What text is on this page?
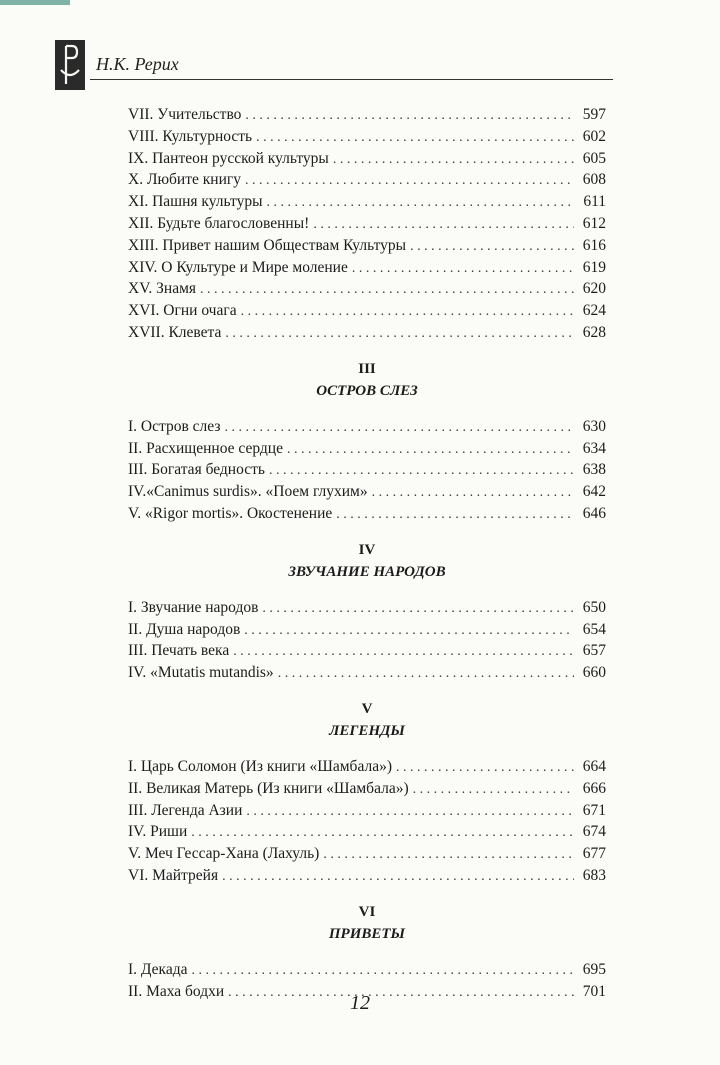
Н.К. Рерих
VII. Учительство . . .	597
VIII. Культурность . . .	602
IX. Пантеон русской культуры . . .	605
X. Любите книгу . . .	608
XI. Пашня культуры . . .	611
XII. Будьте благословенны! . . .	612
XIII. Привет нашим Обществам Культуры . . .	616
XIV. О Культуре и Мире моление . . .	619
XV. Знамя . . .	620
XVI. Огни очага . . .	624
XVII. Клевета . . .	628
III
ОСТРОВ СЛЕЗ
I. Остров слез . . .	630
II. Расхищенное сердце . . .	634
III. Богатая бедность . . .	638
IV.«Canimus surdis». «Поем глухим» . . .	642
V. «Rigor mortis». Окостенение . . .	646
IV
ЗВУЧАНИЕ НАРОДОВ
I. Звучание народов . . .	650
II. Душа народов . . .	654
III. Печать века . . .	657
IV. «Mutatis mutandis» . . .	660
V
ЛЕГЕНДЫ
I. Царь Соломон (Из книги «Шамбала») . . .	664
II. Великая Матерь (Из книги «Шамбала») . . .	666
III. Легенда Азии . . .	671
IV. Риши . . .	674
V. Меч Гессар-Хана (Лахуль) . . .	677
VI. Майтрейя . . .	683
VI
ПРИВЕТЫ
I. Декада . . .	695
II. Маха бодхи . . .	701
12
